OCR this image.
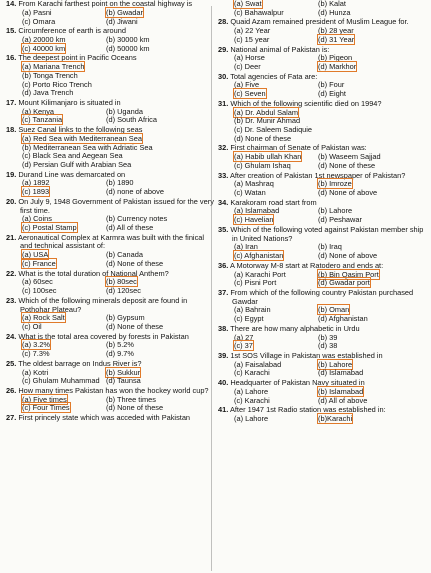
14. From Karachi farthest point on the coastal highway is
(a) Pasni	(b) Gwadar
(c) Omara	(d) Jiwani
15. Circumference of earth is around
(a) 20000 km	(b) 30000 km
(c) 40000 km	(d) 50000 km
16. The deepest point in Pacific Oceans
(a) Mariana Trench
(b) Tonga Trench
(c) Porto Rico Trench
(d) Java Trench
17. Mount Kilimanjaro is situated in
(a) Kenya	(b) Uganda
(c) Tanzania	(d) South Africa
18. Suez Canal links to the following seas
(a) Red Sea with Mediterranean Sea
(b) Mediterranean Sea with Adriatic Sea
(c) Black Sea and Aegean Sea
(d) Persian Gulf with Arabian Sea
19. Durand Line was demarcated on
(a) 1892	(b) 1890
(c) 1893	(d) none of above
20. On July 9, 1948 Government of Pakistan issued for the very first time.
(a) Coins	(b) Currency notes
(c) Postal Stamp	(d) All of these
21. Aeronautical Complex at Karmra was built with the finical and technical assistant of:
(a) USA	(b) Canada
(c) France	(d) None of these
22. What is the total duration of National Anthem?
(a) 60sec	(b) 80sec
(c) 100sec	(d) 120sec
23. Which of the following minerals deposit are found in Pothohar Plateau?
(a) Rock Salt	(b) Gypsum
(c) Oil	(d) None of these
24. What is the total area covered by forests in Pakistan
(a) 3.2%	(b) 5.2%
(c) 7.3%	(d) 9.7%
25. The oldest barrage on Indus River is?
(a) Kotri	(b) Sukkur
(c) Ghulam Muhammad (d) Taunsa
26. How many times Pakistan has won the hockey world cup?
(a) Five times	(b) Three times
(c) Four Times	(d) None of these
27. First princely state which was acceded with Pakistan
(a) Swat	(b) Kalat
(c) Bahawalpur	(d) Hunza
28. Quaid Azam remained president of Muslim League for.
(a) 22 Year	(b) 28 year
(c) 15 year	(d) 31 Year
29. National animal of Pakistan is:
(a) Horse	(b) Pigeon
(c) Deer	(d) Markhor
30. Total agencies of Fata are:
(a) Five	(b) Four
(c) Seven	(d) Eight
31. Which of the following scientific died on 1994?
(a) Dr. Abdul Salam
(b) Dr. Munir Ahmad
(c) Dr. Saleem Sadiquie
(d) None of these
32. First chairman of Senate of Pakistan was:
(a) Habib ullah Khan	(b) Waseem Sajjad
(c) Ghulam Ishaq	(d) None of these
33. After creation of Pakistan 1st newspaper of Pakistan?
(a) Mashraq	(b) Imroze
(c) Watan	(d) None of above
34. Karakoram road start from
(a) Islamabad	(b) Lahore
(c) Havelian	(d) Peshawar
35. Which of the following voted against Pakistan member ship in United Nations?
(a) Iran	(b) Iraq
(c) Afghanistan	(d) None of above
36. A Motorway M-8 start at Ratodero and ends at:
(a) Karachi Port	(b) Bin Qasim Port
(c) Pisni Port	(d) Gwadar port
37. From which of the following country Pakistan purchased Gawdar
(a) Bahrain	(b) Oman
(c) Egypt	(d) Afghanistan
38. There are how many alphabetic in Urdu
(a) 27	(b) 39
(c) 37	(d) 38
39. 1st SOS Village in Pakistan was established in
(a) Faisalabad	(b) Lahore
(c) Karachi	(d) Islamabad
40. Headquarter of Pakistan Navy situated in
(a) Lahore	(b) Islamabad
(c) Karachi	(d) All of above
41. After 1947 1st Radio station was established in:
(a) Lahore	(b)Karachi
